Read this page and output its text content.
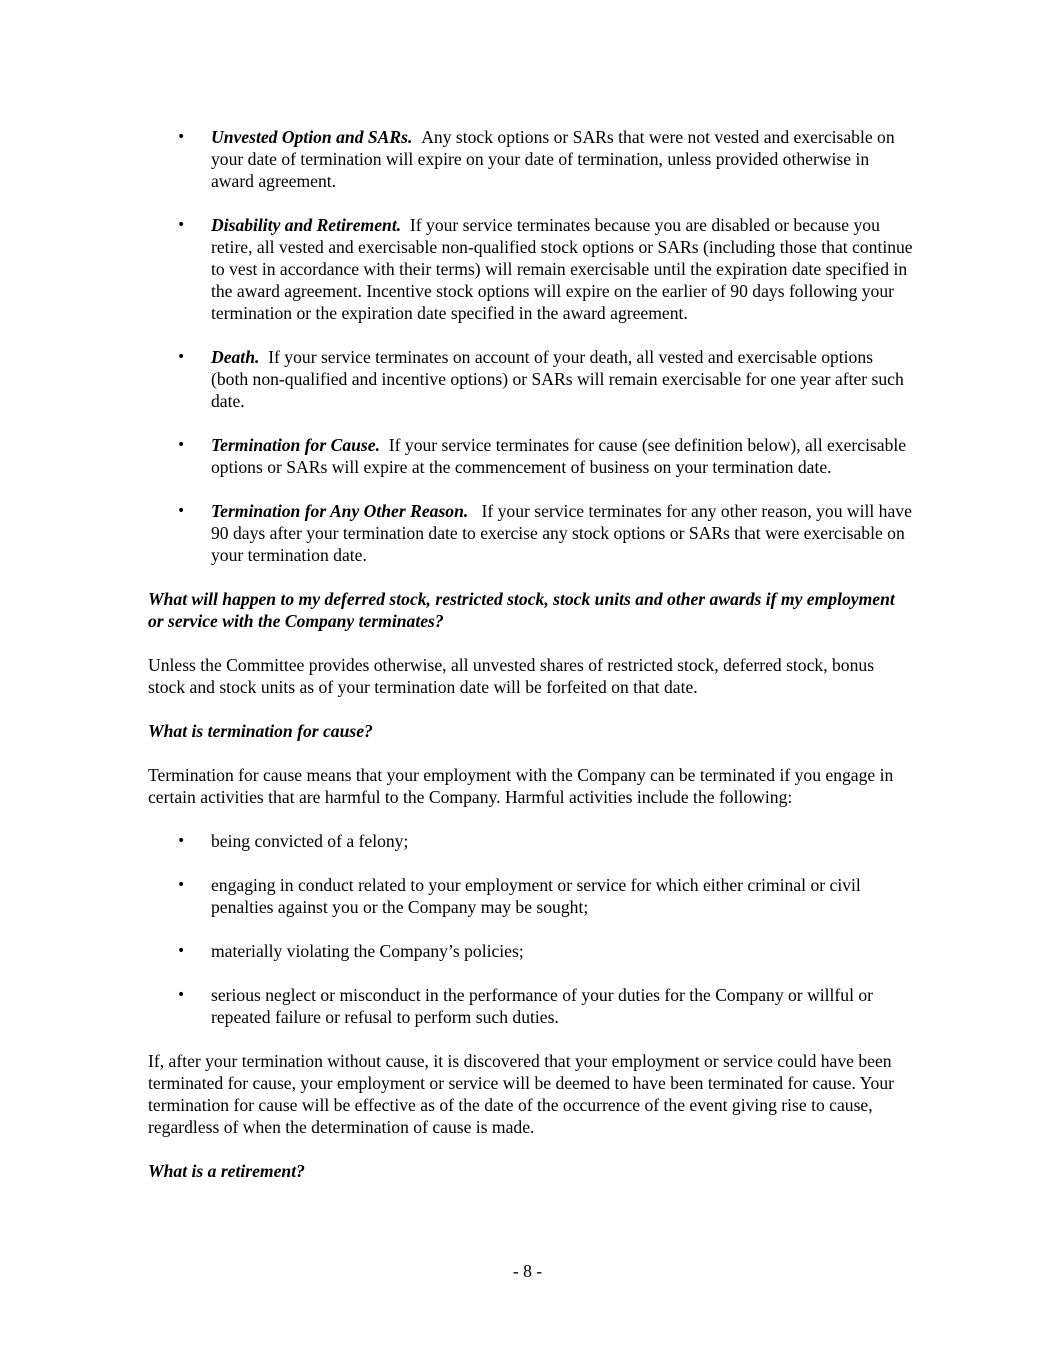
• Unvested Option and SARs. Any stock options or SARs that were not vested and exercisable on your date of termination will expire on your date of termination, unless provided otherwise in award agreement.
• Disability and Retirement. If your service terminates because you are disabled or because you retire, all vested and exercisable non-qualified stock options or SARs (including those that continue to vest in accordance with their terms) will remain exercisable until the expiration date specified in the award agreement. Incentive stock options will expire on the earlier of 90 days following your termination or the expiration date specified in the award agreement.
• Death. If your service terminates on account of your death, all vested and exercisable options (both non-qualified and incentive options) or SARs will remain exercisable for one year after such date.
• Termination for Cause. If your service terminates for cause (see definition below), all exercisable options or SARs will expire at the commencement of business on your termination date.
• Termination for Any Other Reason. If your service terminates for any other reason, you will have 90 days after your termination date to exercise any stock options or SARs that were exercisable on your termination date.
What will happen to my deferred stock, restricted stock, stock units and other awards if my employment or service with the Company terminates?
Unless the Committee provides otherwise, all unvested shares of restricted stock, deferred stock, bonus stock and stock units as of your termination date will be forfeited on that date.
What is termination for cause?
Termination for cause means that your employment with the Company can be terminated if you engage in certain activities that are harmful to the Company. Harmful activities include the following:
• being convicted of a felony;
• engaging in conduct related to your employment or service for which either criminal or civil penalties against you or the Company may be sought;
• materially violating the Company’s policies;
• serious neglect or misconduct in the performance of your duties for the Company or willful or repeated failure or refusal to perform such duties.
If, after your termination without cause, it is discovered that your employment or service could have been terminated for cause, your employment or service will be deemed to have been terminated for cause. Your termination for cause will be effective as of the date of the occurrence of the event giving rise to cause, regardless of when the determination of cause is made.
What is a retirement?
- 8 -
